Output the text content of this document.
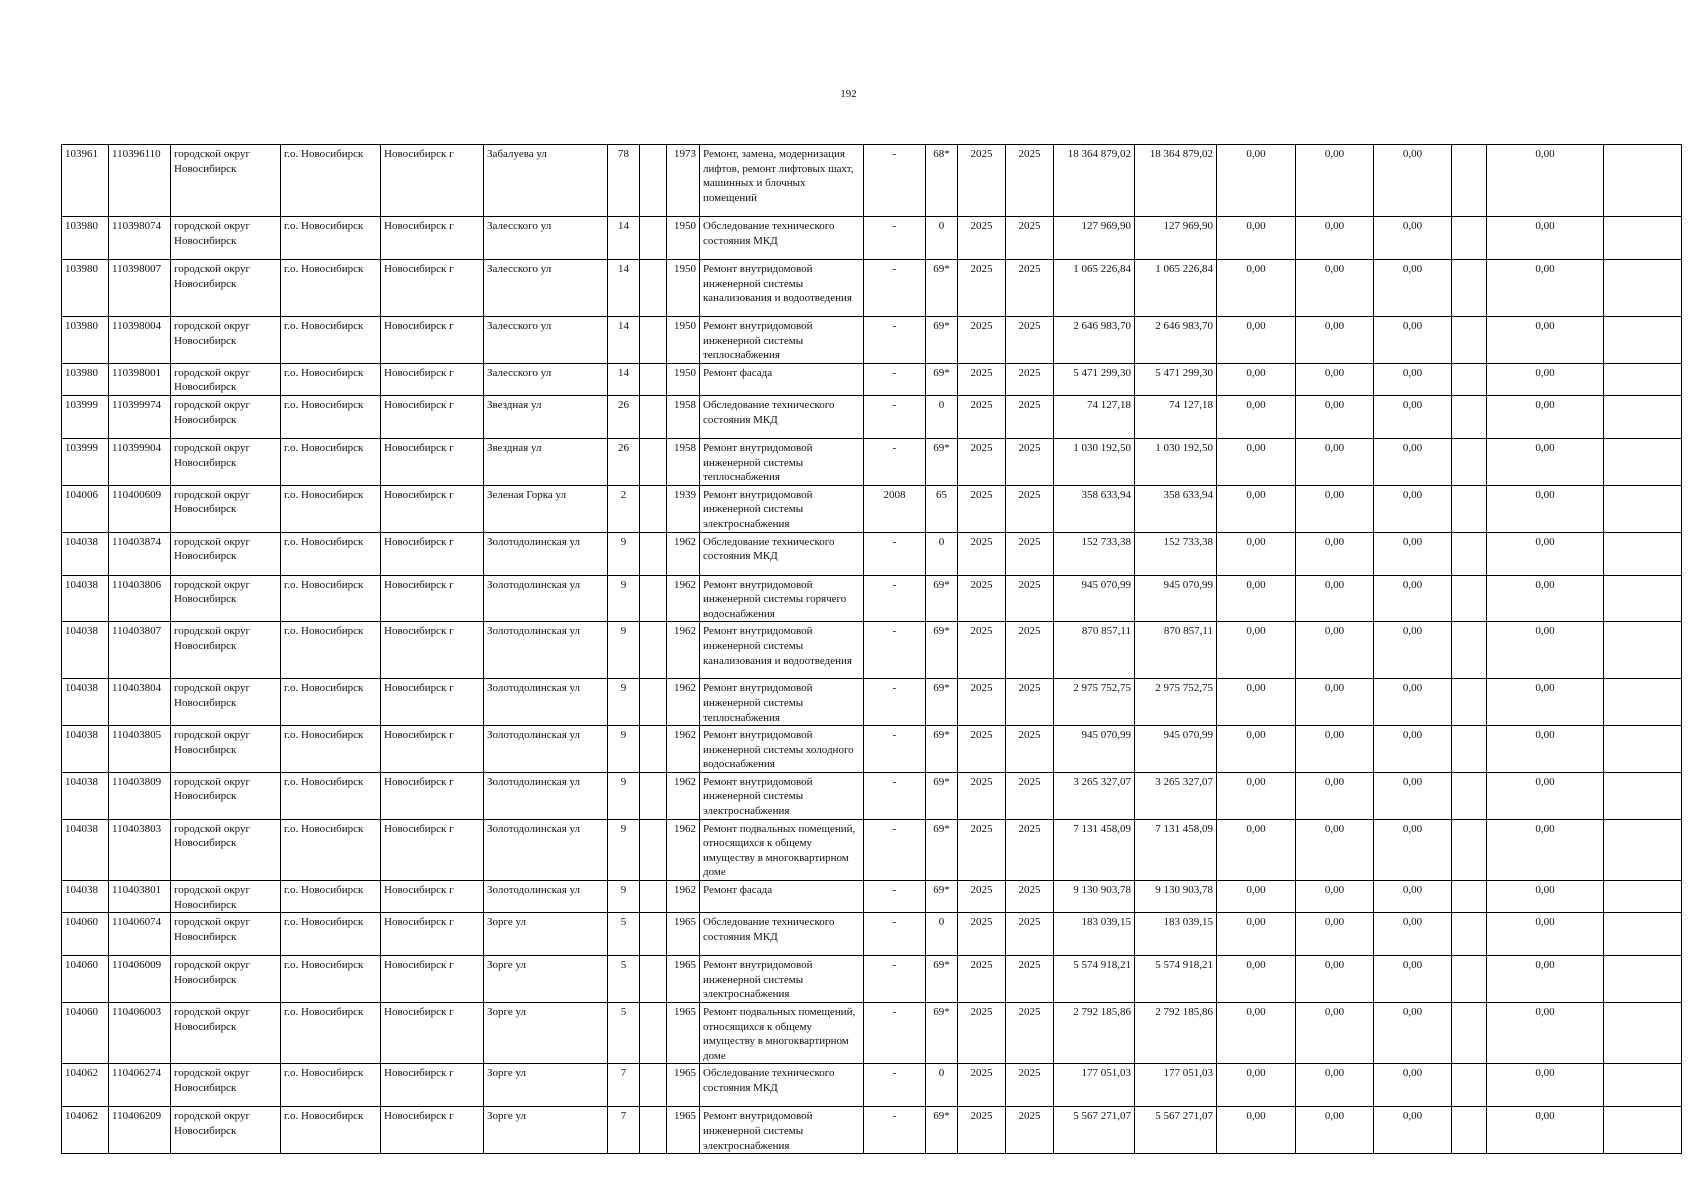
192
103961	110396110	городской округ Новосибирск	г.о. Новосибирск	Новосибирск г	Забалуева ул	78		1973	Ремонт, замена, модернизация лифтов, ремонт лифтовых шахт, машинных и блочных помещений	-	68*	2025	2025	18 364 879,02	18 364 879,02	0,00	0,00	0,00		0,00	
103980	110398074	городской округ Новосибирск	г.о. Новосибирск	Новосибирск г	Залесского ул	14		1950	Обследование технического состояния МКД	-	0	2025	2025	127 969,90	127 969,90	0,00	0,00	0,00		0,00	
103980	110398007	городской округ Новосибирск	г.о. Новосибирск	Новосибирск г	Залесского ул	14		1950	Ремонт внутридомовой инженерной системы канализования и водоотведения	-	69*	2025	2025	1 065 226,84	1 065 226,84	0,00	0,00	0,00		0,00	
103980	110398004	городской округ Новосибирск	г.о. Новосибирск	Новосибирск г	Залесского ул	14		1950	Ремонт внутридомовой инженерной системы теплоснабжения	-	69*	2025	2025	2 646 983,70	2 646 983,70	0,00	0,00	0,00		0,00	
103980	110398001	городской округ Новосибирск	г.о. Новосибирск	Новосибирск г	Залесского ул	14		1950	Ремонт фасада	-	69*	2025	2025	5 471 299,30	5 471 299,30	0,00	0,00	0,00		0,00	
103999	110399974	городской округ Новосибирск	г.о. Новосибирск	Новосибирск г	Звездная ул	26		1958	Обследование технического состояния МКД	-	0	2025	2025	74 127,18	74 127,18	0,00	0,00	0,00		0,00	
103999	110399904	городской округ Новосибирск	г.о. Новосибирск	Новосибирск г	Звездная ул	26		1958	Ремонт внутридомовой инженерной системы теплоснабжения	-	69*	2025	2025	1 030 192,50	1 030 192,50	0,00	0,00	0,00		0,00	
104006	110400609	городской округ Новосибирск	г.о. Новосибирск	Новосибирск г	Зеленая Горка ул	2		1939	Ремонт внутридомовой инженерной системы электроснабжения	2008	65	2025	2025	358 633,94	358 633,94	0,00	0,00	0,00		0,00	
104038	110403874	городской округ Новосибирск	г.о. Новосибирск	Новосибирск г	Золотодолинская ул	9		1962	Обследование технического состояния МКД	-	0	2025	2025	152 733,38	152 733,38	0,00	0,00	0,00		0,00	
104038	110403806	городской округ Новосибирск	г.о. Новосибирск	Новосибирск г	Золотодолинская ул	9		1962	Ремонт внутридомовой инженерной системы горячего водоснабжения	-	69*	2025	2025	945 070,99	945 070,99	0,00	0,00	0,00		0,00	
104038	110403807	городской округ Новосибирск	г.о. Новосибирск	Новосибирск г	Золотодолинская ул	9		1962	Ремонт внутридомовой инженерной системы канализования и водоотведения	-	69*	2025	2025	870 857,11	870 857,11	0,00	0,00	0,00		0,00	
104038	110403804	городской округ Новосибирск	г.о. Новосибирск	Новосибирск г	Золотодолинская ул	9		1962	Ремонт внутридомовой инженерной системы теплоснабжения	-	69*	2025	2025	2 975 752,75	2 975 752,75	0,00	0,00	0,00		0,00	
104038	110403805	городской округ Новосибирск	г.о. Новосибирск	Новосибирск г	Золотодолинская ул	9		1962	Ремонт внутридомовой инженерной системы холодного водоснабжения	-	69*	2025	2025	945 070,99	945 070,99	0,00	0,00	0,00		0,00	
104038	110403809	городской округ Новосибирск	г.о. Новосибирск	Новосибирск г	Золотодолинская ул	9		1962	Ремонт внутридомовой инженерной системы электроснабжения	-	69*	2025	2025	3 265 327,07	3 265 327,07	0,00	0,00	0,00		0,00	
104038	110403803	городской округ Новосибирск	г.о. Новосибирск	Новосибирск г	Золотодолинская ул	9		1962	Ремонт подвальных помещений, относящихся к общему имуществу в многоквартирном доме	-	69*	2025	2025	7 131 458,09	7 131 458,09	0,00	0,00	0,00		0,00	
104038	110403801	городской округ Новосибирск	г.о. Новосибирск	Новосибирск г	Золотодолинская ул	9		1962	Ремонт фасада	-	69*	2025	2025	9 130 903,78	9 130 903,78	0,00	0,00	0,00		0,00	
104060	110406074	городской округ Новосибирск	г.о. Новосибирск	Новосибирск г	Зорге ул	5		1965	Обследование технического состояния МКД	-	0	2025	2025	183 039,15	183 039,15	0,00	0,00	0,00		0,00	
104060	110406009	городской округ Новосибирск	г.о. Новосибирск	Новосибирск г	Зорге ул	5		1965	Ремонт внутридомовой инженерной системы электроснабжения	-	69*	2025	2025	5 574 918,21	5 574 918,21	0,00	0,00	0,00		0,00	
104060	110406003	городской округ Новосибирск	г.о. Новосибирск	Новосибирск г	Зорге ул	5		1965	Ремонт подвальных помещений, относящихся к общему имуществу в многоквартирном доме	-	69*	2025	2025	2 792 185,86	2 792 185,86	0,00	0,00	0,00		0,00	
104062	110406274	городской округ Новосибирск	г.о. Новосибирск	Новосибирск г	Зорге ул	7		1965	Обследование технического состояния МКД	-	0	2025	2025	177 051,03	177 051,03	0,00	0,00	0,00		0,00	
104062	110406209	городской округ Новосибирск	г.о. Новосибирск	Новосибирск г	Зорге ул	7		1965	Ремонт внутридомовой инженерной системы электроснабжения	-	69*	2025	2025	5 567 271,07	5 567 271,07	0,00	0,00	0,00		0,00	
